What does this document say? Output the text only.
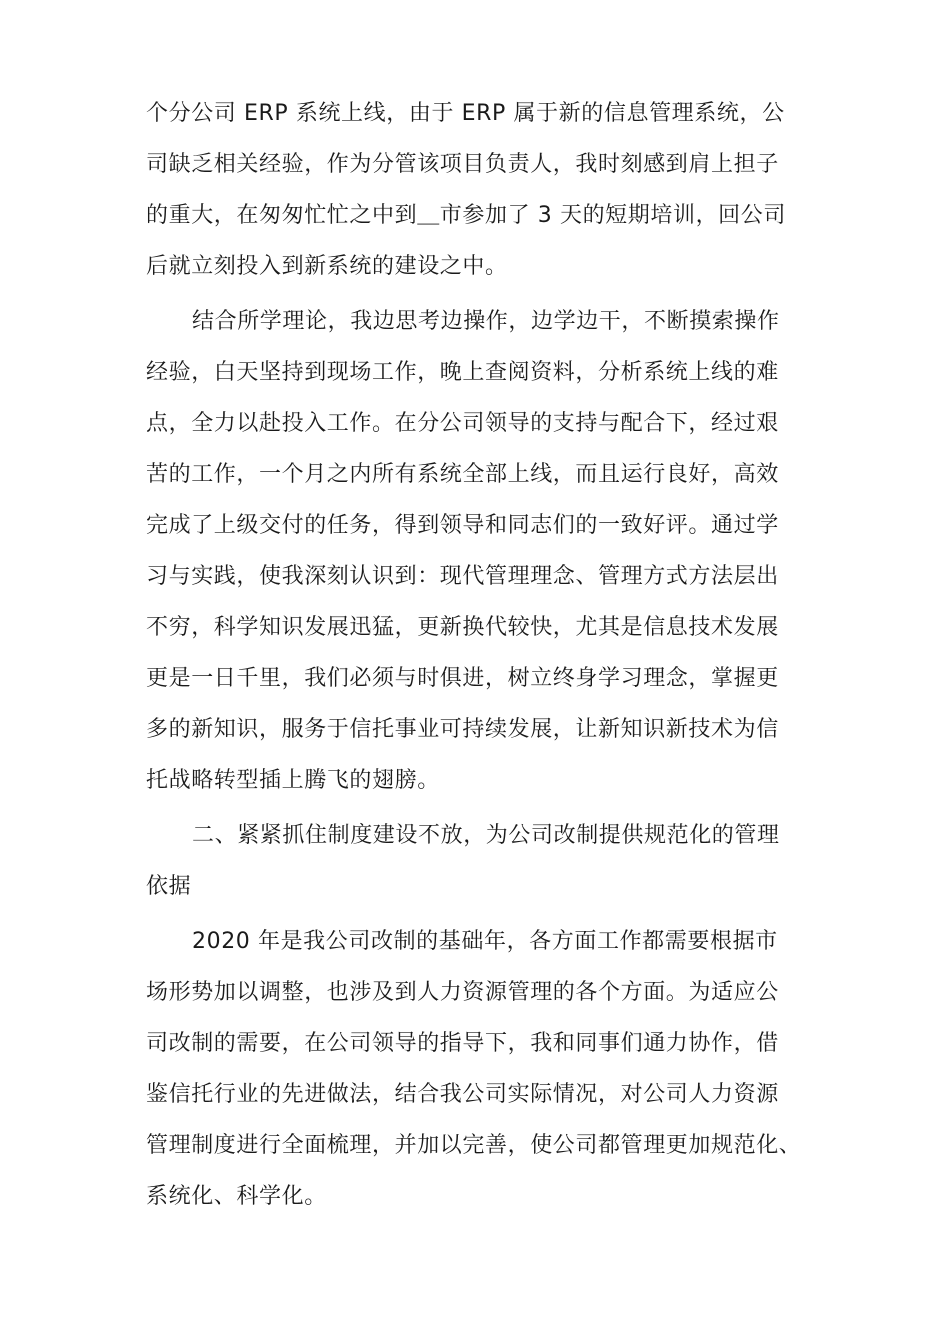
个分公司 ERP 系统上线，由于 ERP 属于新的信息管理系统，公
司缺乏相关经验，作为分管该项目负责人，我时刻感到肩上担子
的重大，在匆匆忙忙之中到＿市参加了 3 天的短期培训，回公司
后就立刻投入到新系统的建设之中。
结合所学理论，我边思考边操作，边学边干，不断摸索操作
经验，白天坚持到现场工作，晚上查阅资料，分析系统上线的难
点，全力以赴投入工作。在分公司领导的支持与配合下，经过艰
苦的工作，一个月之内所有系统全部上线，而且运行良好，高效
完成了上级交付的任务，得到领导和同志们的一致好评。通过学
习与实践，使我深刻认识到：现代管理理念、管理方式方法层出
不穷，科学知识发展迅猛，更新换代较快，尤其是信息技术发展
更是一日千里，我们必须与时俱进，树立终身学习理念，掌握更
多的新知识，服务于信托事业可持续发展，让新知识新技术为信
托战略转型插上腾飞的翅膀。
二、紧紧抓住制度建设不放，为公司改制提供规范化的管理
依据
2020 年是我公司改制的基础年，各方面工作都需要根据市
场形势加以调整，也涉及到人力资源管理的各个方面。为适应公
司改制的需要，在公司领导的指导下，我和同事们通力协作，借
鉴信托行业的先进做法，结合我公司实际情况，对公司人力资源
管理制度进行全面梳理，并加以完善，使公司都管理更加规范化、
系统化、科学化。
